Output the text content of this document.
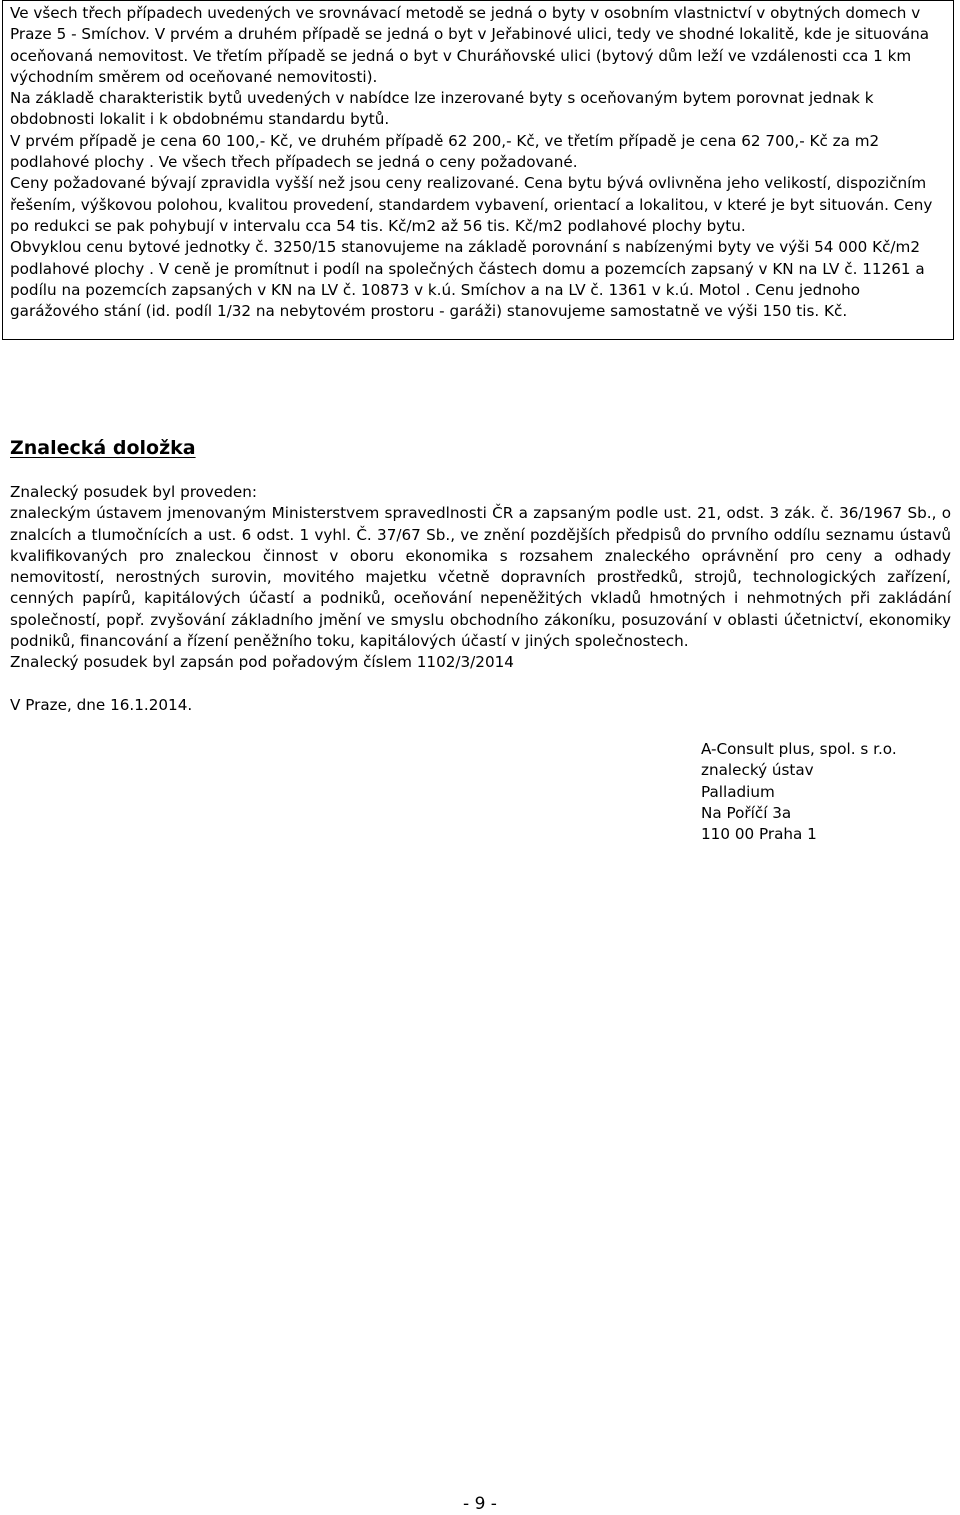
Ve všech třech případech uvedených ve srovnávací metodě se jedná o byty v osobním vlastnictví v obytných domech v Praze 5 - Smíchov. V prvém a druhém případě se jedná o byt v Jeřabinové ulici, tedy ve shodné lokalitě, kde je situována oceňovaná nemovitost. Ve třetím případě se jedná o byt v Churáňovské ulici (bytový dům leží ve vzdálenosti cca 1 km východním směrem od oceňované nemovitosti).

Na základě charakteristik bytů uvedených v nabídce lze inzerované byty s oceňovaným bytem porovnat jednak k obdobnosti lokalit i k obdobnému standardu bytů.

V prvém případě je cena 60 100,- Kč, ve druhém případě 62 200,- Kč, ve třetím případě je cena 62 700,- Kč za m2 podlahové plochy . Ve všech třech případech se jedná o ceny požadované.

Ceny požadované bývají zpravidla vyšší než jsou ceny realizované. Cena bytu bývá ovlivněna jeho velikostí, dispozičním řešením, výškovou polohou, kvalitou provedení, standardem vybavení, orientací a lokalitou, v které je byt situován. Ceny po redukci se pak pohybují v intervalu cca 54 tis. Kč/m2 až 56 tis. Kč/m2 podlahové plochy bytu.

Obvyklou cenu bytové jednotky č. 3250/15 stanovujeme na základě porovnání s nabízenými byty ve výši 54 000 Kč/m2 podlahové plochy . V ceně je promítnut i podíl na společných částech domu a pozemcích zapsaný v KN na LV č. 11261 a podílu na pozemcích zapsaných v KN na LV č. 10873 v k.ú. Smíchov a na LV č. 1361 v k.ú. Motol . Cenu jednoho garážového stání (id. podíl 1/32 na nebytovém prostoru - garáži) stanovujeme samostatně ve výši 150 tis. Kč.

Znalecká doložka

Znalecký posudek byl proveden:

znaleckým ústavem jmenovaným Ministerstvem spravedlnosti ČR a zapsaným podle ust. 21, odst. 3 zák. č. 36/1967 Sb., o znalcích a tlumočnících a ust. 6 odst. 1 vyhl. Č. 37/67 Sb., ve znění pozdějších předpisů do prvního oddílu seznamu ústavů kvalifikovaných pro znaleckou činnost v oboru ekonomika s rozsahem znaleckého oprávnění pro ceny a odhady nemovitostí, nerostných surovin, movitého majetku včetně dopravních prostředků, strojů, technologických zařízení, cenných papírů, kapitálových účastí a podniků, oceňování nepeněžitých vkladů hmotných i nehmotných při zakládání společností, popř. zvyšování základního jmění ve smyslu obchodního zákoníku, posuzování v oblasti účetnictví, ekonomiky podniků, financování a řízení peněžního toku, kapitálových účastí v jiných společnostech.

Znalecký posudek byl zapsán pod pořadovým číslem 1102/3/2014

V Praze, dne 16.1.2014.

A-Consult plus, spol. s r.o.
znalecký ústav
Palladium
Na Poříčí 3a
110 00 Praha 1

- 9 -
